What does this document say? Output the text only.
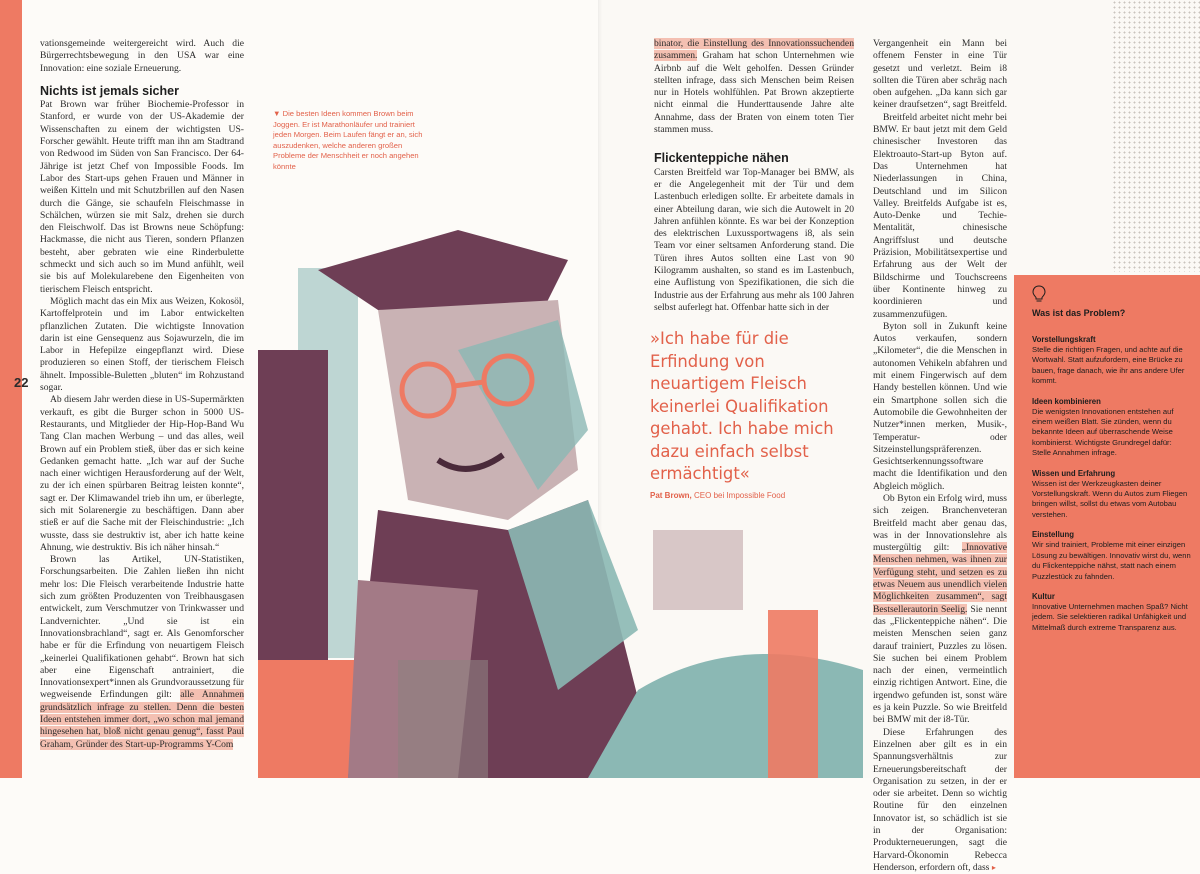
22

vationsgemeinde weitergereicht wird. Auch die Bürgerrechtsbewegung in den USA war eine Innovation: eine soziale Erneuerung.

Nichts ist jemals sicher

Pat Brown war früher Biochemie-Professor in Stanford, er wurde von der US-Akademie der Wissenschaften zu einem der wichtigsten US-Forscher gewählt. Heute trifft man ihn am Stadtrand von Redwood im Süden von San Francisco. Der 64-Jährige ist jetzt Chef von Impossible Foods. Im Labor des Start-ups gehen Frauen und Männer in weißen Kitteln und mit Schutzbrillen auf den Nasen durch die Gänge, sie schaufeln Fleischmasse in Schälchen, würzen sie mit Salz, drehen sie durch den Fleischwolf. Das ist Browns neue Schöpfung: Hackmasse, die nicht aus Tieren, sondern Pflanzen besteht, aber gebraten wie eine Rinderbulette schmeckt und sich auch so im Mund anfühlt, weil sie bis auf Molekularebene den Eigenheiten von tierischem Fleisch entspricht.

Möglich macht das ein Mix aus Weizen, Kokosöl, Kartoffelprotein und im Labor entwickelten pflanzlichen Zutaten. Die wichtigste Innovation darin ist eine Gensequenz aus Sojawurzeln, die im Labor in Hefepilze eingepflanzt wird. Diese produzieren so einen Stoff, der tierischem Fleisch ähnelt. Impossible-Buletten „bluten“ im Rohzustand sogar.

Ab diesem Jahr werden diese in US-Supermärkten verkauft, es gibt die Burger schon in 5000 US-Restaurants, und Mitglieder der Hip-Hop-Band Wu Tang Clan machen Werbung – und das alles, weil Brown auf ein Problem stieß, über das er sich keine Gedanken gemacht hatte. „Ich war auf der Suche nach einer wichtigen Herausforderung auf der Welt, zu der ich einen spürbaren Beitrag leisten konnte“, sagt er. Der Klimawandel trieb ihn um, er überlegte, sich mit Solarenergie zu beschäftigen. Dann aber stieß er auf die Sache mit der Fleischindustrie: „Ich wusste, dass sie destruktiv ist, aber ich hatte keine Ahnung, wie destruktiv. Bis ich näher hinsah.“

Brown las Artikel, UN-Statistiken, Forschungsarbeiten. Die Zahlen ließen ihn nicht mehr los: Die Fleisch verarbeitende Industrie hatte sich zum größten Produzenten von Treibhausgasen entwickelt, zum Verschmutzer von Trinkwasser und Landvernichter. „Und sie ist ein Innovationsbrachland“, sagt er. Als Genomforscher habe er für die Erfindung von neuartigem Fleisch „keinerlei Qualifikationen gehabt“. Brown hat sich aber eine Eigenschaft antrainiert, die Innovationsexpert*innen als Grundvoraussetzung für wegweisende Erfindungen gilt: alle Annahmen grundsätzlich infrage zu stellen. Denn die besten Ideen entstehen immer dort, „wo schon mal jemand hingesehen hat, bloß nicht genau genug“, fasst Paul Graham, Gründer des Start-up-Programms Y-Com

▼ Die besten Ideen kommen Brown beim Joggen. Er ist Marathonläufer und trainiert jeden Morgen. Beim Laufen fängt er an, sich auszudenken, welche anderen großen Probleme der Menschheit er noch angehen könnte

binator, die Einstellung des Innovationssuchenden zusammen. Graham hat schon Unternehmen wie Airbnb auf die Welt geholfen. Dessen Gründer stellten infrage, dass sich Menschen beim Reisen nur in Hotels wohlfühlen. Pat Brown akzeptierte nicht einmal die Hunderttausende Jahre alte Annahme, dass der Braten von einem toten Tier stammen muss.

Flickenteppiche nähen

Carsten Breitfeld war Top-Manager bei BMW, als er die Angelegenheit mit der Tür und dem Lastenbuch erledigen sollte. Er arbeitete damals in einer Abteilung daran, wie sich die Autowelt in 20 Jahren anfühlen könnte. Es war bei der Konzeption des elektrischen Luxussportwagens i8, als sein Team vor einer seltsamen Anforderung stand. Die Türen ihres Autos sollten eine Last von 90 Kilogramm aushalten, so stand es im Lastenbuch, eine Auflistung von Spezifikationen, die sich die Industrie aus der Erfahrung aus mehr als 100 Jahren selbst auferlegt hat. Offenbar hatte sich in der

»Ich habe für die Erfindung von neuartigem Fleisch keinerlei Qualifikation gehabt. Ich habe mich dazu einfach selbst ermächtigt«
Pat Brown, CEO bei Impossible Food

Vergangenheit ein Mann bei offenem Fenster in eine Tür gesetzt und verletzt. Beim i8 sollten die Türen aber schräg nach oben aufgehen. „Da kann sich gar keiner draufsetzen“, sagt Breitfeld.

Breitfeld arbeitet nicht mehr bei BMW. Er baut jetzt mit dem Geld chinesischer Investoren das Elektroauto-Start-up Byton auf. Das Unternehmen hat Niederlassungen in China, Deutschland und im Silicon Valley. Breitfelds Aufgabe ist es, Auto-Denke und Techie-Mentalität, chinesische Angriffslust und deutsche Präzision, Mobilitätsexpertise und Erfahrung aus der Welt der Bildschirme und Touchscreens über Kontinente hinweg zu koordinieren und zusammenzufügen.

Byton soll in Zukunft keine Autos verkaufen, sondern „Kilometer“, die die Menschen in autonomen Vehikeln abfahren und mit einem Fingerwisch auf dem Handy bestellen können. Und wie ein Smartphone sollen sich die Automobile die Gewohnheiten der Nutzer*innen merken, Musik-, Temperatur- oder Sitzeinstellungspräferenzen. Gesichtserkennungssoftware macht die Identifikation und den Abgleich möglich.

Ob Byton ein Erfolg wird, muss sich zeigen. Branchenveteran Breitfeld macht aber genau das, was in der Innovationslehre als mustergültig gilt: „Innovative Menschen nehmen, was ihnen zur Verfügung steht, und setzen es zu etwas Neuem aus unendlich vielen Möglichkeiten zusammen“, sagt Bestsellerautorin Seelig. Sie nennt das „Flickenteppiche nähen“. Die meisten Menschen seien ganz darauf trainiert, Puzzles zu lösen. Sie suchen bei einem Problem nach der einen, vermeintlich einzig richtigen Antwort. Eine, die irgendwo gefunden ist, sonst wäre es ja kein Puzzle. So wie Breitfeld bei BMW mit der i8-Tür.

Diese Erfahrungen des Einzelnen aber gilt es in ein Spannungsverhältnis zur Erneuerungsbereitschaft der Organisation zu setzen, in der er oder sie arbeitet. Denn so wichtig Routine für den einzelnen Innovator ist, so schädlich ist sie in der Organisation: Produkterneuerungen, sagt die Harvard-Ökonomin Rebecca Henderson, erfordern oft, dass ▸

Was ist das Problem?
Vorstellungskraft

Stelle die richtigen Fragen, und achte auf die Wortwahl. Statt aufzufordern, eine Brücke zu bauen, frage danach, wie ihr ans andere Ufer kommt.

Ideen kombinieren

Die wenigsten Innovationen entstehen auf einem weißen Blatt. Sie zünden, wenn du bekannte Ideen auf überraschende Weise kombinierst. Wichtigste Grundregel dafür: Stelle Annahmen infrage.

Wissen und Erfahrung

Wissen ist der Werkzeugkasten deiner Vorstellungskraft. Wenn du Autos zum Fliegen bringen willst, sollst du etwas vom Autobau verstehen.

Einstellung

Wir sind trainiert, Probleme mit einer einzigen Lösung zu bewältigen. Innovativ wirst du, wenn du Flickenteppiche nähst, statt nach einem Puzzlestück zu fahnden.

Kultur

Innovative Unternehmen machen Spaß? Nicht jedem. Sie selektieren radikal Unfähigkeit und Mittelmaß durch extreme Transparenz aus.
